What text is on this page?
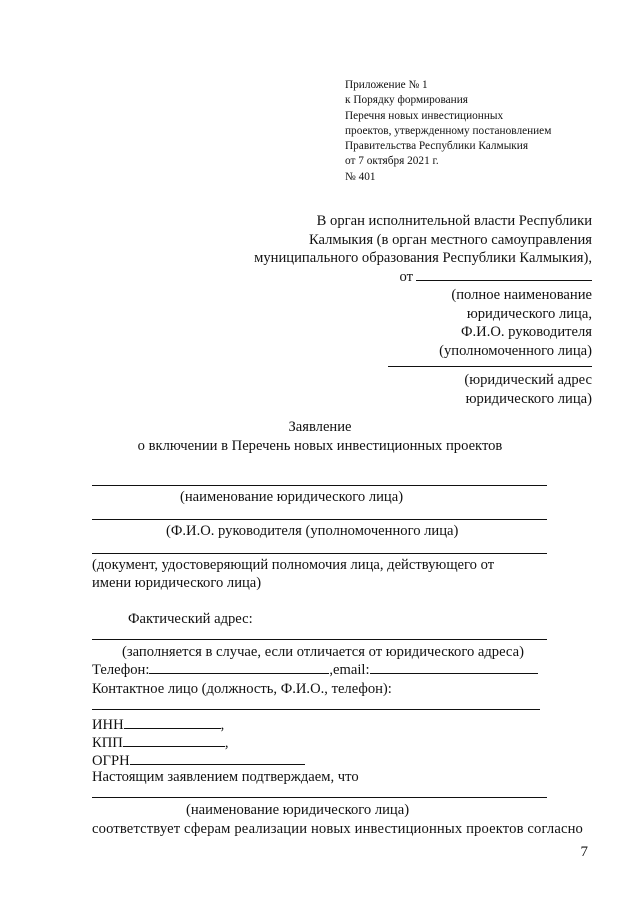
Приложение № 1
к Порядку формирования
Перечня новых инвестиционных
проектов, утвержденному постановлением
Правительства Республики Калмыкия
от 7 октября 2021 г.
№ 401
В орган исполнительной власти Республики
Калмыкия (в орган местного самоуправления
муниципального образования Республики Калмыкия),
от
(полное наименование
юридического лица,
Ф.И.О. руководителя
(уполномоченного лица)
(юридический адрес
юридического лица)
Заявление
о включении в Перечень новых инвестиционных проектов
(наименование юридического лица)
(Ф.И.О. руководителя (уполномоченного лица)
(документ, удостоверяющий полномочия лица, действующего от
имени юридического лица)
Фактический адрес:
(заполняется в случае, если отличается от юридического адреса)
Телефон:	,email:
Контактное лицо (должность, Ф.И.О., телефон):
ИНН	,
КПП	,
ОГРН
Настоящим заявлением подтверждаем, что
(наименование юридического лица)
соответствует сферам реализации новых инвестиционных проектов согласно
7
